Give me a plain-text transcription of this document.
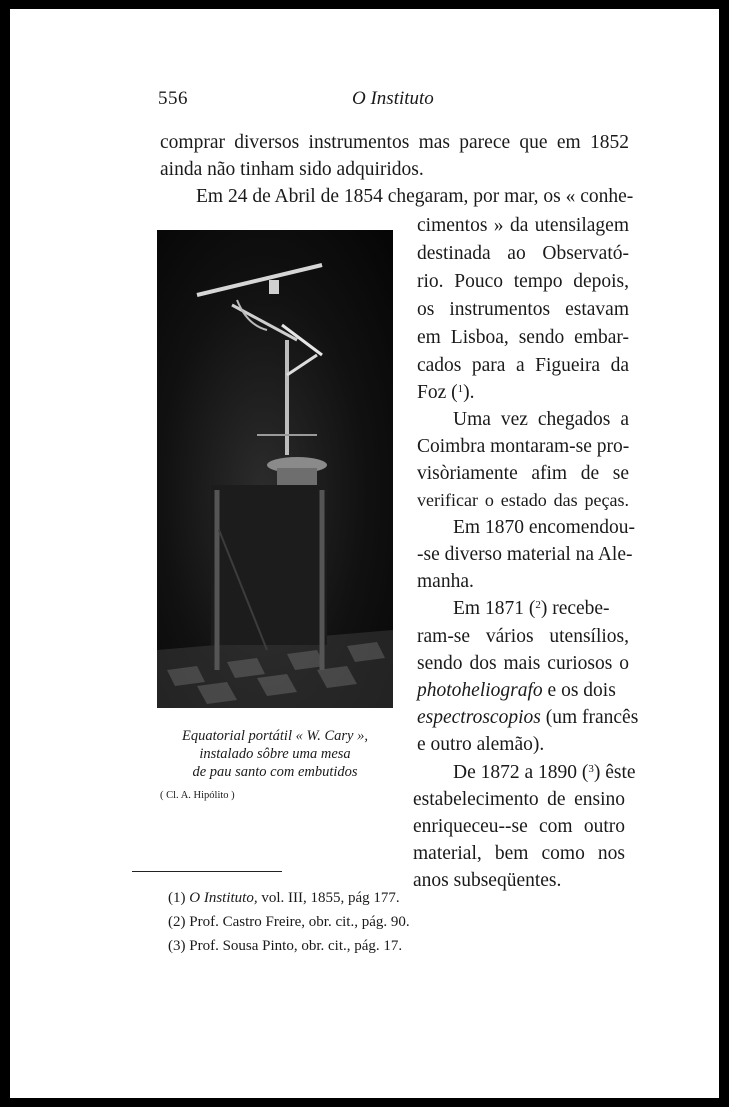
556	O Instituto
comprar diversos instrumentos mas parece que em 1852
ainda não tinham sido adquiridos.
Em 24 de Abril de 1854 chegaram, por mar, os « conhe-
cimentos » da utensilagem
destinada ao Observató-
rio. Pouco tempo depois,
os instrumentos estavam
em Lisboa, sendo embar-
cados para a Figueira da
Foz ($^1$).
Uma vez chegados a
Coimbra montaram-se pro-
visòriamente afim de se
verificar o estado das peças.
Em 1870 encomendou-
-se diverso material na Ale-
manha.
Em 1871 ($^2$) recebe-
ram-se vários utensílios,
sendo dos mais curiosos o
photoheliografo e os dois
espectroscopios (um francês
e outro alemão).
De 1872 a 1890 ($^3$) êste
estabelecimento de ensino
enriqueceu--se com outro
material, bem como nos
anos subseqüentes.
Equatorial portátil « W. Cary »,
instalado sôbre uma mesa
de pau santo com embutidos
( Cl. A. Hipólito )
(1) O Instituto, vol. III, 1855, pág 177.
(2) Prof. Castro Freire, obr. cit., pág. 90.
(3) Prof. Sousa Pinto, obr. cit., pág. 17.
